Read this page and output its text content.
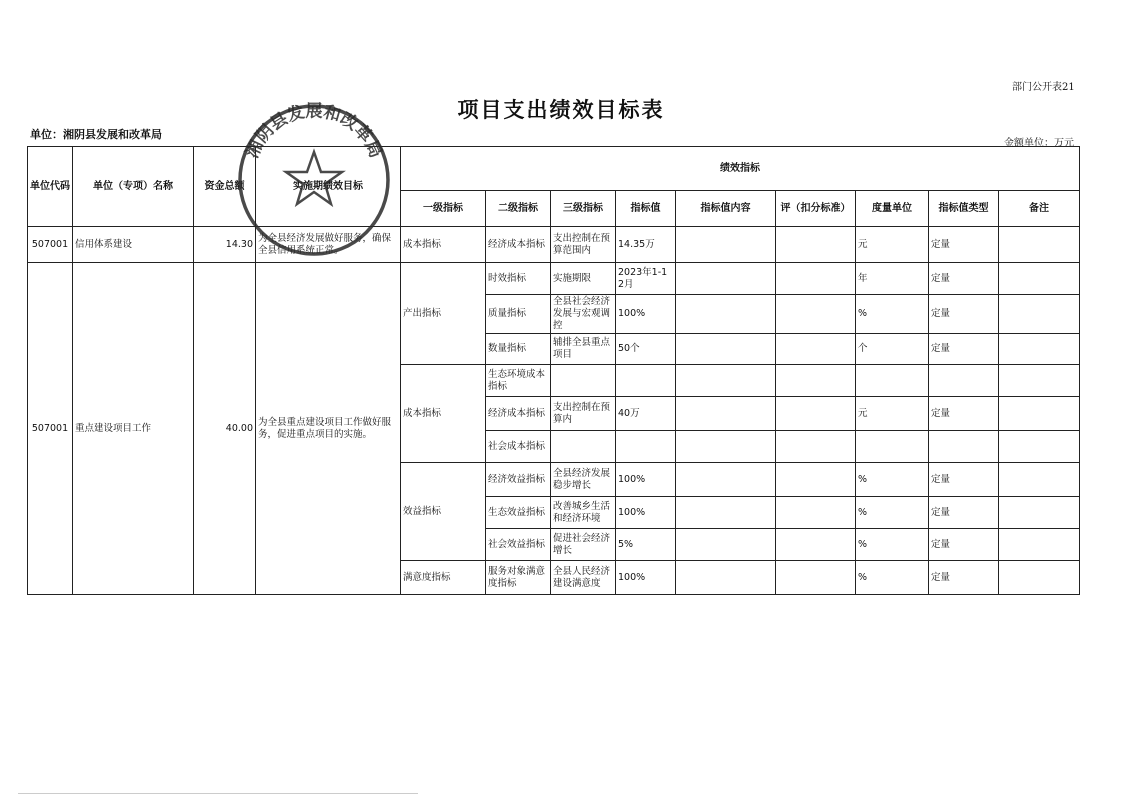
部门公开表21
项目支出绩效目标表
单位：湘阴县发展和改革局
金额单位：万元
单位代码	单位（专项）名称	资金总额	实施期绩效目标	绩效指标								
				一级指标	二级指标	三级指标	指标值	指标值内容	评（扣分标准）	度量单位	指标值类型	备注
507001	信用体系建设	14.30	为全县经济发展做好服务，确保全县信用系统正常。	成本指标	经济成本指标	支出控制在预算范围内	14.35万			元	定量	
507001	重点建设项目工作	40.00	为全县重点建设项目工作做好服务，促进重点项目的实施。	产出指标	时效指标	实施期限	2023年1-12月			年	定量	
					质量指标	全县社会经济发展与宏观调控	100%			%	定量	
					数量指标	辅排全县重点项目	50个			个	定量	
				成本指标	生态环境成本指标							
					经济成本指标	支出控制在预算内	40万			元	定量	
					社会成本指标							
				效益指标	经济效益指标	全县经济发展稳步增长	100%			%	定量	
					生态效益指标	改善城乡生活和经济环境	100%			%	定量	
					社会效益指标	促进社会经济增长	5%			%	定量	
				满意度指标	服务对象满意度指标	全县人民经济建设满意度	100%			%	定量	
湘阴县发展和改革局
